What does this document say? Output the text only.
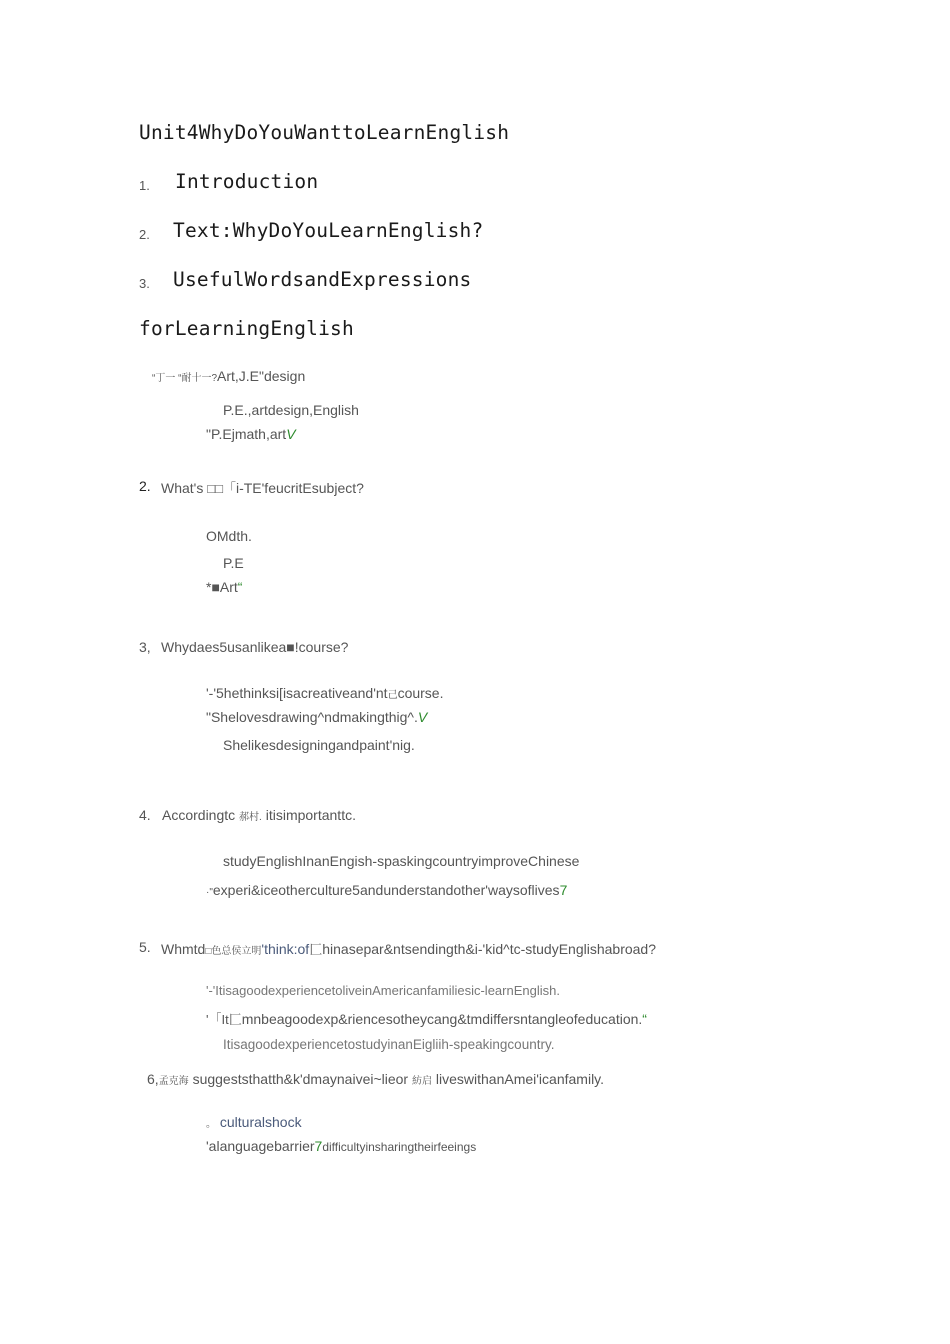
Unit4WhyDoYouWanttoLearnEnglish
1. Introduction
2. Text:WhyDoYouLearnEnglish?
3. UsefulWordsandExpressions
forLearningEnglish
“丁一 “耐十一?Art,J.E"design
P.E.,artdesign,English
"P.Ejmath,artV
2. What's □□「i-TE'feucritEsubject?
OMdth.
P.E
*■Art“
3, Whydaes5usanlikea■!course?
'-'5hethinksi[isacreativeand'nt己course.
"Shelovesdrawing^ndmakingthig^.V
Shelikesdesigningandpaint'nig.
4. Accordingtc 郝村. itisimportanttc.
studyEnglishInanEngish-spaskingcountryimproveChinese
·"experi&iceotherculture5andunderstandother'waysoflives7
5. Whmtd□色总侯立明'think:of匚hinasepar&ntsendingth&i-'kid^tc-studyEnglishabroad?
'-'ItisagoodexperiencetoliveinAmericanfamiliesic-learnEnglish.
'「It匚mnbeagoodexp&riencesotheycang&tmdiffersntangleofeducation.“
ItisagoodexperiencetostudyinanEigliih-speakingcountry.
6,孟克海 suggeststhatth&k'dmaynaivei~lieor 紡启 liveswithanAmei'icanfamily.
。 culturalshock
'alanguagebarrier7difficultyinsharingtheirfeeings
